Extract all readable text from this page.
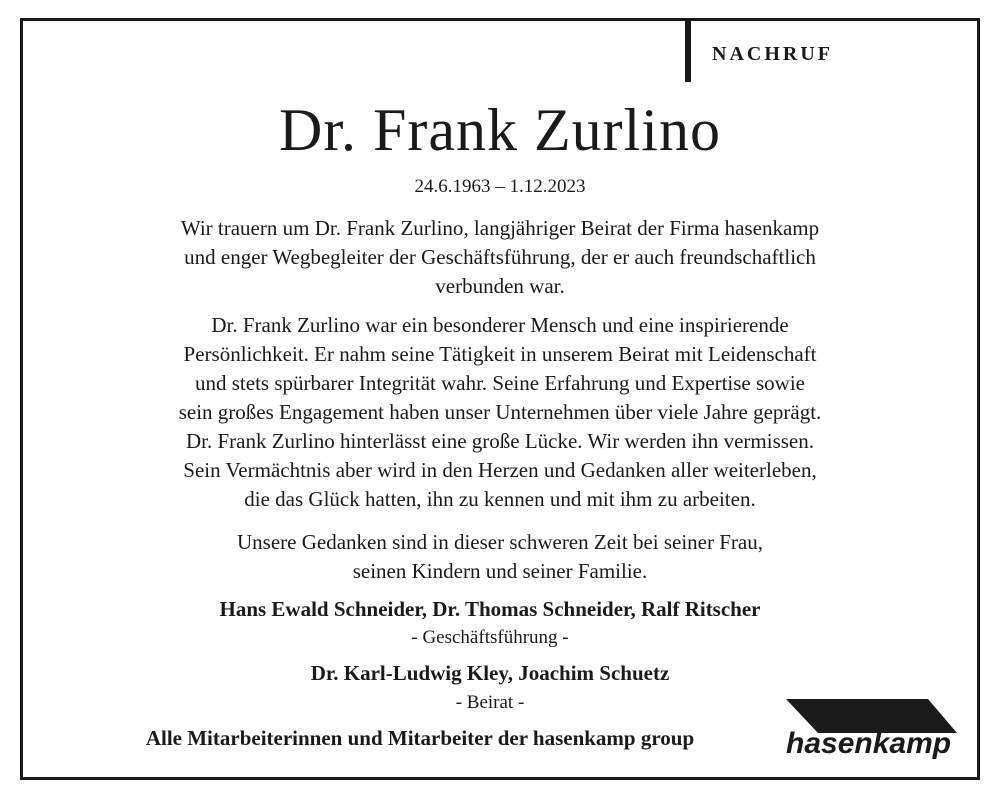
NACHRUF
Dr. Frank Zurlino
24.6.1963 – 1.12.2023
Wir trauern um Dr. Frank Zurlino, langjähriger Beirat der Firma hasenkamp
und enger Wegbegleiter der Geschäftsführung, der er auch freundschaftlich
verbunden war.
Dr. Frank Zurlino war ein besonderer Mensch und eine inspirierende
Persönlichkeit. Er nahm seine Tätigkeit in unserem Beirat mit Leidenschaft
und stets spürbarer Integrität wahr. Seine Erfahrung und Expertise sowie
sein großes Engagement haben unser Unternehmen über viele Jahre geprägt.
Dr. Frank Zurlino hinterlässt eine große Lücke. Wir werden ihn vermissen.
Sein Vermächtnis aber wird in den Herzen und Gedanken aller weiterleben,
die das Glück hatten, ihn zu kennen und mit ihm zu arbeiten.
Unsere Gedanken sind in dieser schweren Zeit bei seiner Frau,
seinen Kindern und seiner Familie.
Hans Ewald Schneider, Dr. Thomas Schneider, Ralf Ritscher
- Geschäftsführung -
Dr. Karl-Ludwig Kley, Joachim Schuetz
- Beirat -
Alle Mitarbeiterinnen und Mitarbeiter der hasenkamp group	hasenkamp
